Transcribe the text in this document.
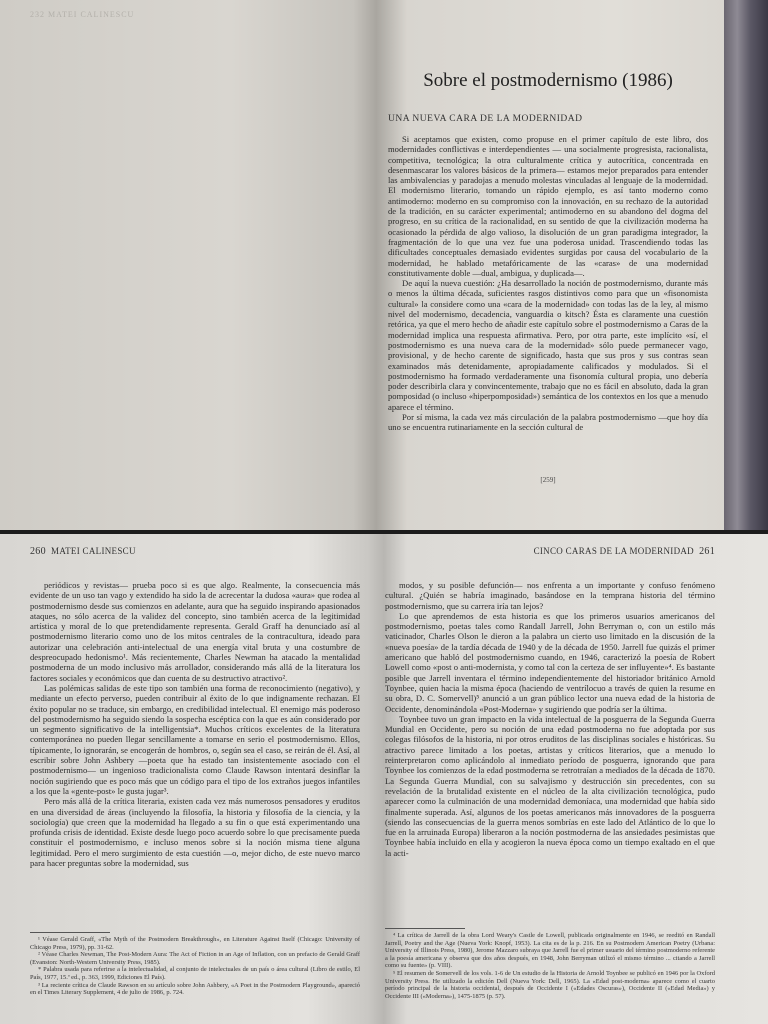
232 MATEI CALINESCU
Sobre el postmodernismo (1986)
UNA NUEVA CARA DE LA MODERNIDAD

Si aceptamos que existen, como propuse en el primer capítulo de este libro, dos modernidades conflictivas e interdependientes — una socialmente progresista, racionalista, competitiva, tecnológica; la otra culturalmente crítica y autocrítica, concentrada en desenmascarar los valores básicos de la primera— estamos mejor preparados para entender las ambivalencias y paradojas a menudo molestas vinculadas al lenguaje de la modernidad. El modernismo literario, tomando un rápido ejemplo, es así tanto moderno como antimoderno: moderno en su compromiso con la innovación, en su rechazo de la autoridad de la tradición, en su carácter experimental; antimoderno en su abandono del dogma del progreso, en su crítica de la racionalidad, en su sentido de que la civilización moderna ha ocasionado la pérdida de algo valioso, la disolución de un gran paradigma integrador, la fragmentación de lo que una vez fue una poderosa unidad. Trascendiendo todas las dificultades conceptuales demasiado evidentes surgidas por causa del vocabulario de la modernidad, he hablado metafóricamente de las «caras» de una modernidad constitutivamente doble —dual, ambigua, y duplicada—.

De aquí la nueva cuestión: ¿Ha desarrollado la noción de postmodernismo, durante más o menos la última década, suficientes rasgos distintivos como para que un «fisonomista cultural» la considere como una «cara de la modernidad» con todas las de la ley, al mismo nivel del modernismo, decadencia, vanguardia o kitsch? Ésta es claramente una cuestión retórica, ya que el mero hecho de añadir este capítulo sobre el postmodernismo a Caras de la modernidad implica una respuesta afirmativa. Pero, por otra parte, este implícito «sí, el postmodernismo es una nueva cara de la modernidad» sólo puede permanecer vago, provisional, y de hecho carente de significado, hasta que sus pros y sus contras sean examinados más detenidamente, apropiadamente calificados y modulados. Si el postmodernismo ha formado verdaderamente una fisonomía cultural propia, uno debería poder describirla clara y convincentemente, trabajo que no es fácil en absoluto, dada la gran pomposidad (o incluso «hiperpomposidad») semántica de los contextos en los que a menudo aparece el término.

Por sí misma, la cada vez más circulación de la palabra postmodernismo —que hoy día uno se encuentra rutinariamente en la sección cultural de

[259]
260 MATEI CALINESCU

periódicos y revistas— prueba poco si es que algo. Realmente, la consecuencia más evidente de un uso tan vago y extendido ha sido la de acrecentar la dudosa «aura» que rodea al postmodernismo desde sus comienzos en adelante, aura que ha seguido inspirando apasionados ataques, no sólo acerca de la validez del concepto, sino también acerca de la legitimidad artística y moral de lo que pretendidamente representa. Gerald Graff ha denunciado así al postmodernismo literario como uno de los mitos centrales de la contracultura, ideado para autorizar una celebración anti-intelectual de una energía vital bruta y una costumbre de despreocupado hedonismo¹. Más recientemente, Charles Newman ha atacado la mentalidad postmoderna de un modo inclusivo más arrollador, considerando más allá de la literatura los factores sociales y económicos que dan cuenta de su destructivo atractivo².

Las polémicas salidas de este tipo son también una forma de reconocimiento (negativo), y mediante un efecto perverso, pueden contribuir al éxito de lo que indignamente rechazan. El éxito popular no se traduce, sin embargo, en credibilidad intelectual. El enemigo más poderoso del postmodernismo ha seguido siendo la sospecha escéptica con la que es aún considerado por un segmento significativo de la intelligentsia*. Muchos críticos excelentes de la literatura contemporánea no pueden llegar sencillamente a tomarse en serio el postmodernismo. Ellos, típicamente, lo ignorarán, se encogerán de hombros, o, según sea el caso, se reirán de él. Así, al escribir sobre John Ashbery —poeta que ha estado tan insistentemente asociado con el postmodernismo— un ingenioso tradicionalista como Claude Rawson intentará desinflar la noción sugiriendo que es poco más que un código para el tipo de los extraños juegos infantiles a los que la «gente-post» le gusta jugar³.

Pero más allá de la crítica literaria, existen cada vez más numerosos pensadores y eruditos en una diversidad de áreas (incluyendo la filosofía, la historia y filosofía de la ciencia, y la sociología) que creen que la modernidad ha llegado a su fin o que está experimentando una profunda crisis de identidad. Existe desde luego poco acuerdo sobre lo que precisamente pueda constituir el postmodernismo, e incluso menos sobre si la noción misma tiene alguna legitimidad. Pero el mero surgimiento de esta cuestión —o, mejor dicho, de este nuevo marco para hacer preguntas sobre la modernidad, sus

¹ Véase Gerald Graff, «The Myth of the Postmodern Breakthrough», en Literature Against Itself (Chicago: University of Chicago Press, 1979), pp. 31-62.

² Véase Charles Newman, The Post-Modern Aura: The Act of Fiction in an Age of Inflation, con un prefacio de Gerald Graff (Evanston: North-Western University Press, 1985).

* Palabra usada para referirse a la intelectualidad, al conjunto de intelectuales de un país o área cultural (Libro de estilo, El País, 1977, 15.ª ed., p. 363, 1999, Ediciones El País).

³ La reciente crítica de Claude Rawson en su artículo sobre John Ashbery, «A Poet in the Postmodern Playground», apareció en el Times Literary Supplement, 4 de julio de 1986, p. 724.

CINCO CARAS DE LA MODERNIDAD 261

modos, y su posible defunción— nos enfrenta a un importante y confuso fenómeno cultural. ¿Quién se habría imaginado, basándose en la temprana historia del término postmodernismo, que su carrera iría tan lejos?

Lo que aprendemos de esta historia es que los primeros usuarios americanos del postmodernismo, poetas tales como Randall Jarrell, John Berryman o, con un estilo más vaticinador, Charles Olson le dieron a la palabra un cierto uso limitado en la discusión de la «nueva poesía» de la tardía década de 1940 y de la década de 1950. Jarrell fue quizás el primer americano que habló del postmodernismo cuando, en 1946, caracterizó la poesía de Robert Lowell como «post o anti-modernista, y como tal con la certeza de ser influyente»⁴. Es bastante posible que Jarrell inventara el término independientemente del historiador británico Arnold Toynbee, quien hacia la misma época (haciendo de ventrílocuo a través de quien la resume en su obra, D. C. Somervell)⁵ anunció a un gran público lector una nueva edad de la historia de Occidente, denominándola «Post-Moderna» y sugiriendo que podría ser la última.

Toynbee tuvo un gran impacto en la vida intelectual de la posguerra de la Segunda Guerra Mundial en Occidente, pero su noción de una edad postmoderna no fue adoptada por sus colegas filósofos de la historia, ni por otros eruditos de las disciplinas sociales e históricas. Su atractivo parece limitado a los poetas, artistas y críticos literarios, que a menudo lo reinterpretaron como aplicándolo al inmediato período de posguerra, ignorando que para Toynbee los comienzos de la edad postmoderna se retrotraían a mediados de la década de 1870. La Segunda Guerra Mundial, con su salvajismo y destrucción sin precedentes, con su revelación de la brutalidad existente en el núcleo de la alta civilización tecnológica, pudo aparecer como la culminación de una modernidad demoníaca, una modernidad que había sido finalmente superada. Así, algunos de los poetas americanos más innovadores de la posguerra (siendo las consecuencias de la guerra menos sombrías en este lado del Atlántico de lo que lo fue en la arruinada Europa) liberaron a la noción postmoderna de las ansiedades pesimistas que Toynbee había incluido en ella y acogieron la nueva época como un tiempo exaltado en el que la acti-

⁴ La crítica de Jarrell de la obra Lord Weary's Castle de Lowell, publicada originalmente en 1946, se reeditó en Randall Jarrell, Poetry and the Age (Nueva York: Knopf, 1953). La cita es de la p. 216. En su Postmodern American Poetry (Urbana: University of Illinois Press, 1980), Jerome Mazzaro subraya que Jarrell fue el primer usuario del término postmoderno referente a la poesía americana y observa que dos años después, en 1948, John Berryman utilizó el mismo término ... citando a Jarrell como su fuente» (p. VIII).

⁵ El resumen de Somervell de los vols. 1-6 de Un estudio de la Historia de Arnold Toynbee se publicó en 1946 por la Oxford University Press. He utilizado la edición Dell (Nueva York: Dell, 1965). La «Edad post-moderna» aparece como el cuarto período principal de la historia occidental, después de Occidente I («Edades Oscuras»), Occidente II («Edad Media») y Occidente III («Moderna»), 1475-1875 (p. 57).
